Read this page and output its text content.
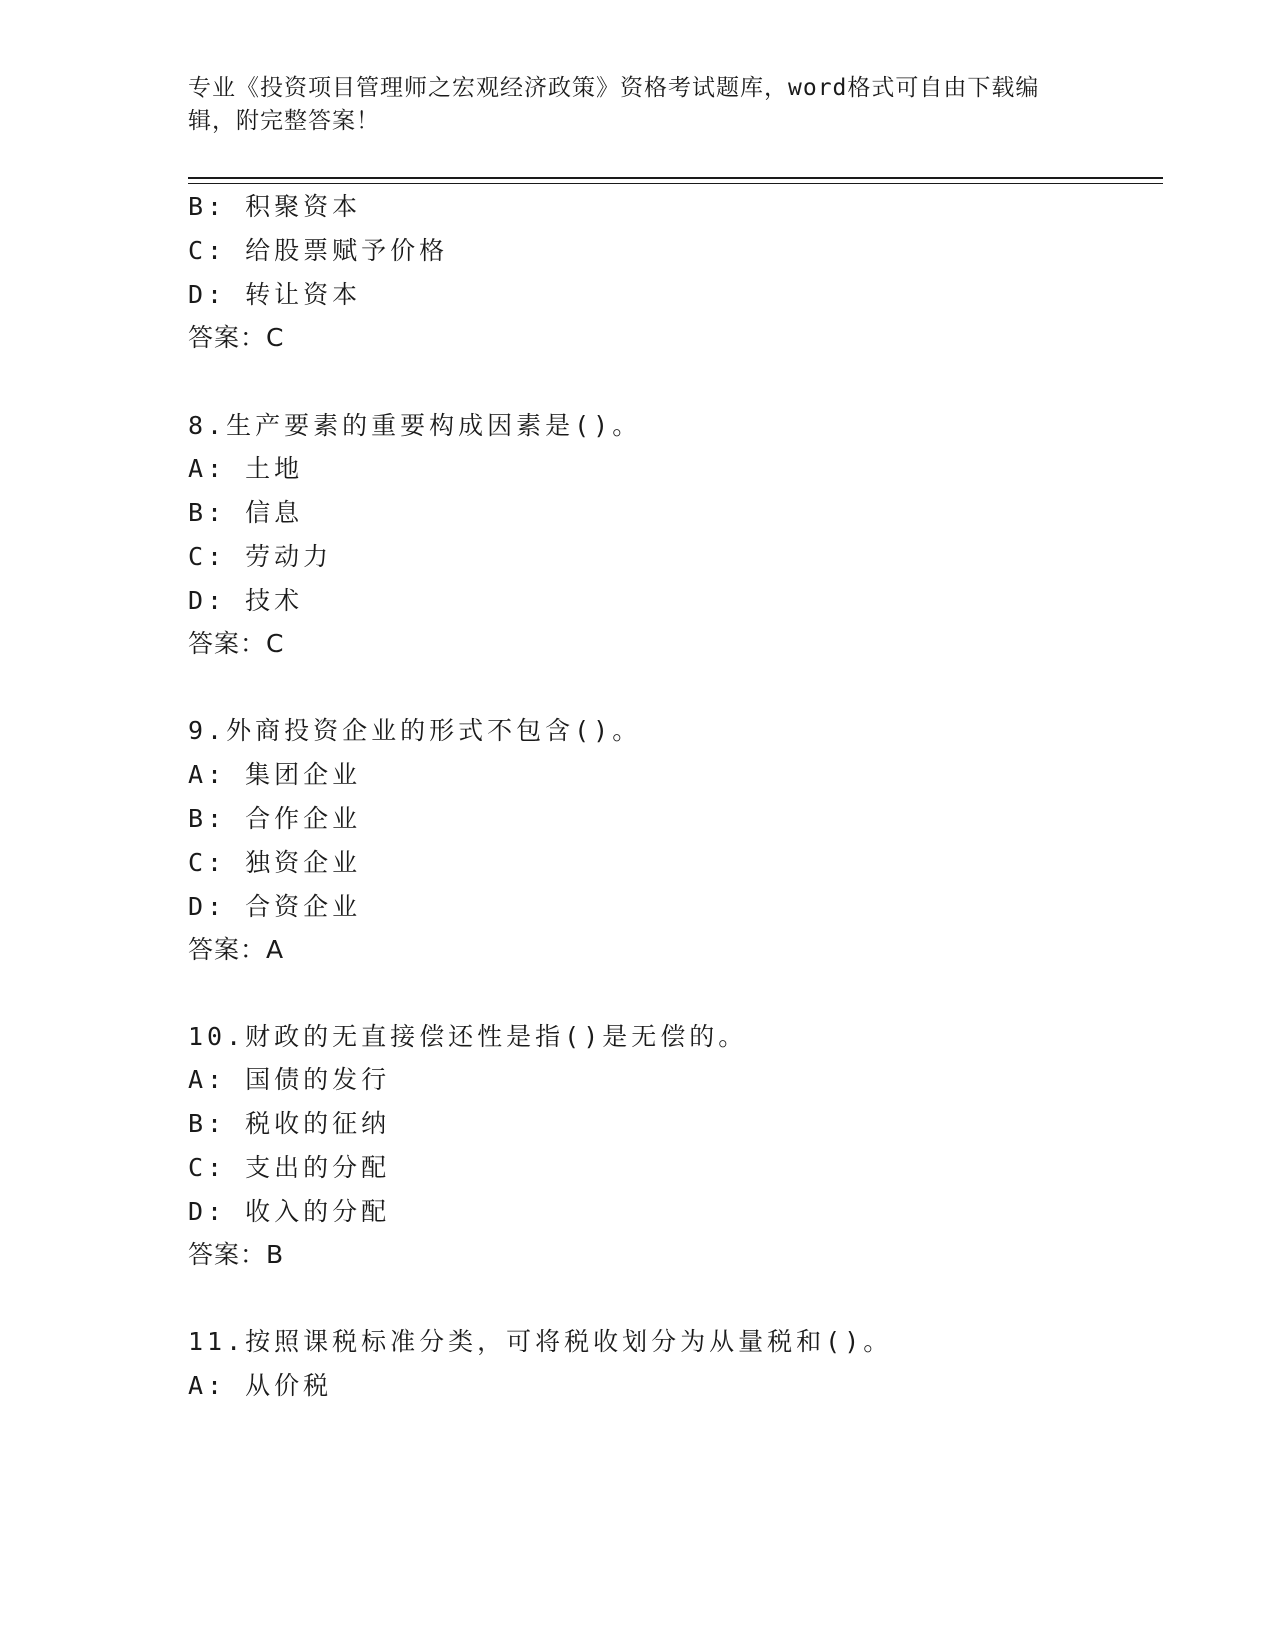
专业《投资项目管理师之宏观经济政策》资格考试题库，word格式可自由下载编
辑，附完整答案！
B: 积聚资本
C: 给股票赋予价格
D: 转让资本
答案：C
8.生产要素的重要构成因素是()。
A: 土地
B: 信息
C: 劳动力
D: 技术
答案：C
9.外商投资企业的形式不包含()。
A: 集团企业
B: 合作企业
C: 独资企业
D: 合资企业
答案：A
10.财政的无直接偿还性是指()是无偿的。
A: 国债的发行
B: 税收的征纳
C: 支出的分配
D: 收入的分配
答案：B
11.按照课税标准分类，可将税收划分为从量税和()。
A: 从价税
